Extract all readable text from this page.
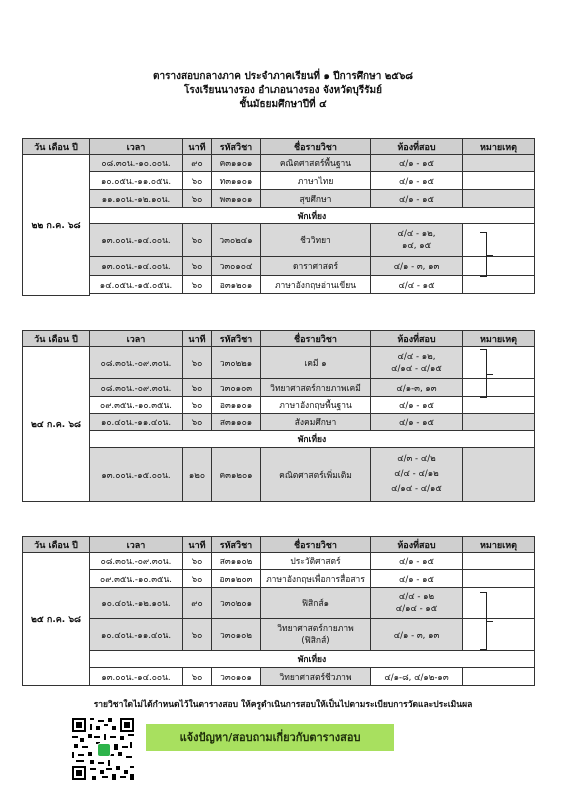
ตารางสอบกลางภาค ประจำภาคเรียนที่ ๑ ปีการศึกษา ๒๕๖๘
โรงเรียนนางรอง อำเภอนางรอง จังหวัดบุรีรัมย์
ชั้นมัธยมศึกษาปีที่ ๔
วัน เดือน ปี	เวลา	นาที	รหัสวิชา	ชื่อรายวิชา	ห้องที่สอบ	หมายเหตุ
๒๒ ก.ค. ๖๘	๐๘.๓๐น.-๑๐.๐๐น.	๙๐	ค๓๑๑๐๑	คณิตศาสตร์พื้นฐาน	๔/๑ - ๑๕	
	๑๐.๐๕น.-๑๑.๐๕น.	๖๐	ท๓๑๑๐๑	ภาษาไทย	๔/๑ - ๑๕	
	๑๑.๑๐น.-๑๒.๑๐น.	๖๐	พ๓๑๑๐๑	สุขศึกษา	๔/๑ - ๑๕	
	พักเที่ยง					
	๑๓.๐๐น.-๑๔.๐๐น.	๖๐	ว๓๐๒๔๑	ชีววิทยา	๔/๔ - ๑๒,
๑๔, ๑๕	
	๑๓.๐๐น.-๑๔.๐๐น.	๖๐	ว๓๐๑๐๔	ดาราศาสตร์	๔/๑ - ๓, ๑๓	
	๑๔.๐๕น.-๑๕.๐๕น.	๖๐	อ๓๑๒๐๑	ภาษาอังกฤษอ่านเขียน	๔/๔ - ๑๕	

วัน เดือน ปี	เวลา	นาที	รหัสวิชา	ชื่อรายวิชา	ห้องที่สอบ	หมายเหตุ
๒๔ ก.ค. ๖๘	๐๘.๓๐น.-๐๙.๓๐น.	๖๐	ว๓๐๒๒๑	เคมี ๑	๔/๔ - ๑๒,
๔/๑๔ - ๔/๑๕	
	๐๘.๓๐น.-๐๙.๓๐น.	๖๐	ว๓๐๑๐๓	วิทยาศาสตร์กายภาพเคมี	๔/๑-๓, ๑๓	
	๐๙.๓๕น.-๑๐.๓๕น.	๖๐	อ๓๑๑๐๑	ภาษาอังกฤษพื้นฐาน	๔/๑ - ๑๕	
	๑๐.๔๐น.-๑๑.๔๐น.	๖๐	ส๓๑๑๐๑	สังคมศึกษา	๔/๑ - ๑๕	
	พักเที่ยง					
	๑๓.๐๐น.-๑๕.๐๐น.	๑๒๐	ค๓๑๒๐๑	คณิตศาสตร์เพิ่มเติม	๔/๓ - ๔/๒
๔/๔ - ๔/๑๒
๔/๑๔ - ๔/๑๕	
วัน เดือน ปี	เวลา	นาที	รหัสวิชา	ชื่อรายวิชา	ห้องที่สอบ	หมายเหตุ
๒๕ ก.ค. ๖๘	๐๘.๓๐น.-๐๙.๓๐น.	๖๐	ส๓๑๑๐๒	ประวัติศาสตร์	๔/๑ - ๑๕	
	๐๙.๓๕น.-๑๐.๓๕น.	๖๐	อ๓๑๒๐๓	ภาษาอังกฤษเพื่อการสื่อสาร	๔/๑ - ๑๕	
	๑๐.๔๐น.-๑๒.๑๐น.	๙๐	ว๓๐๒๐๑	ฟิสิกส์๑	๔/๔ - ๑๒
๔/๑๔ - ๑๕	
	๑๐.๔๐น.-๑๑.๔๐น.	๖๐	ว๓๐๑๐๒	วิทยาศาสตร์กายภาพ
(ฟิสิกส์)	๔/๑ - ๓, ๑๓	
	พักเที่ยง					
	๑๓.๐๐น.-๑๔.๐๐น.	๖๐	ว๓๐๑๐๑	วิทยาศาสตร์ชีวภาพ	๔/๑-๘, ๔/๑๒-๑๓	
รายวิชาใดไม่ได้กำหนดไว้ในตารางสอบ ให้ครูดำเนินการสอบให้เป็นไปตามระเบียบการวัดและประเมินผล
แจ้งปัญหา/สอบถามเกี่ยวกับตารางสอบ
